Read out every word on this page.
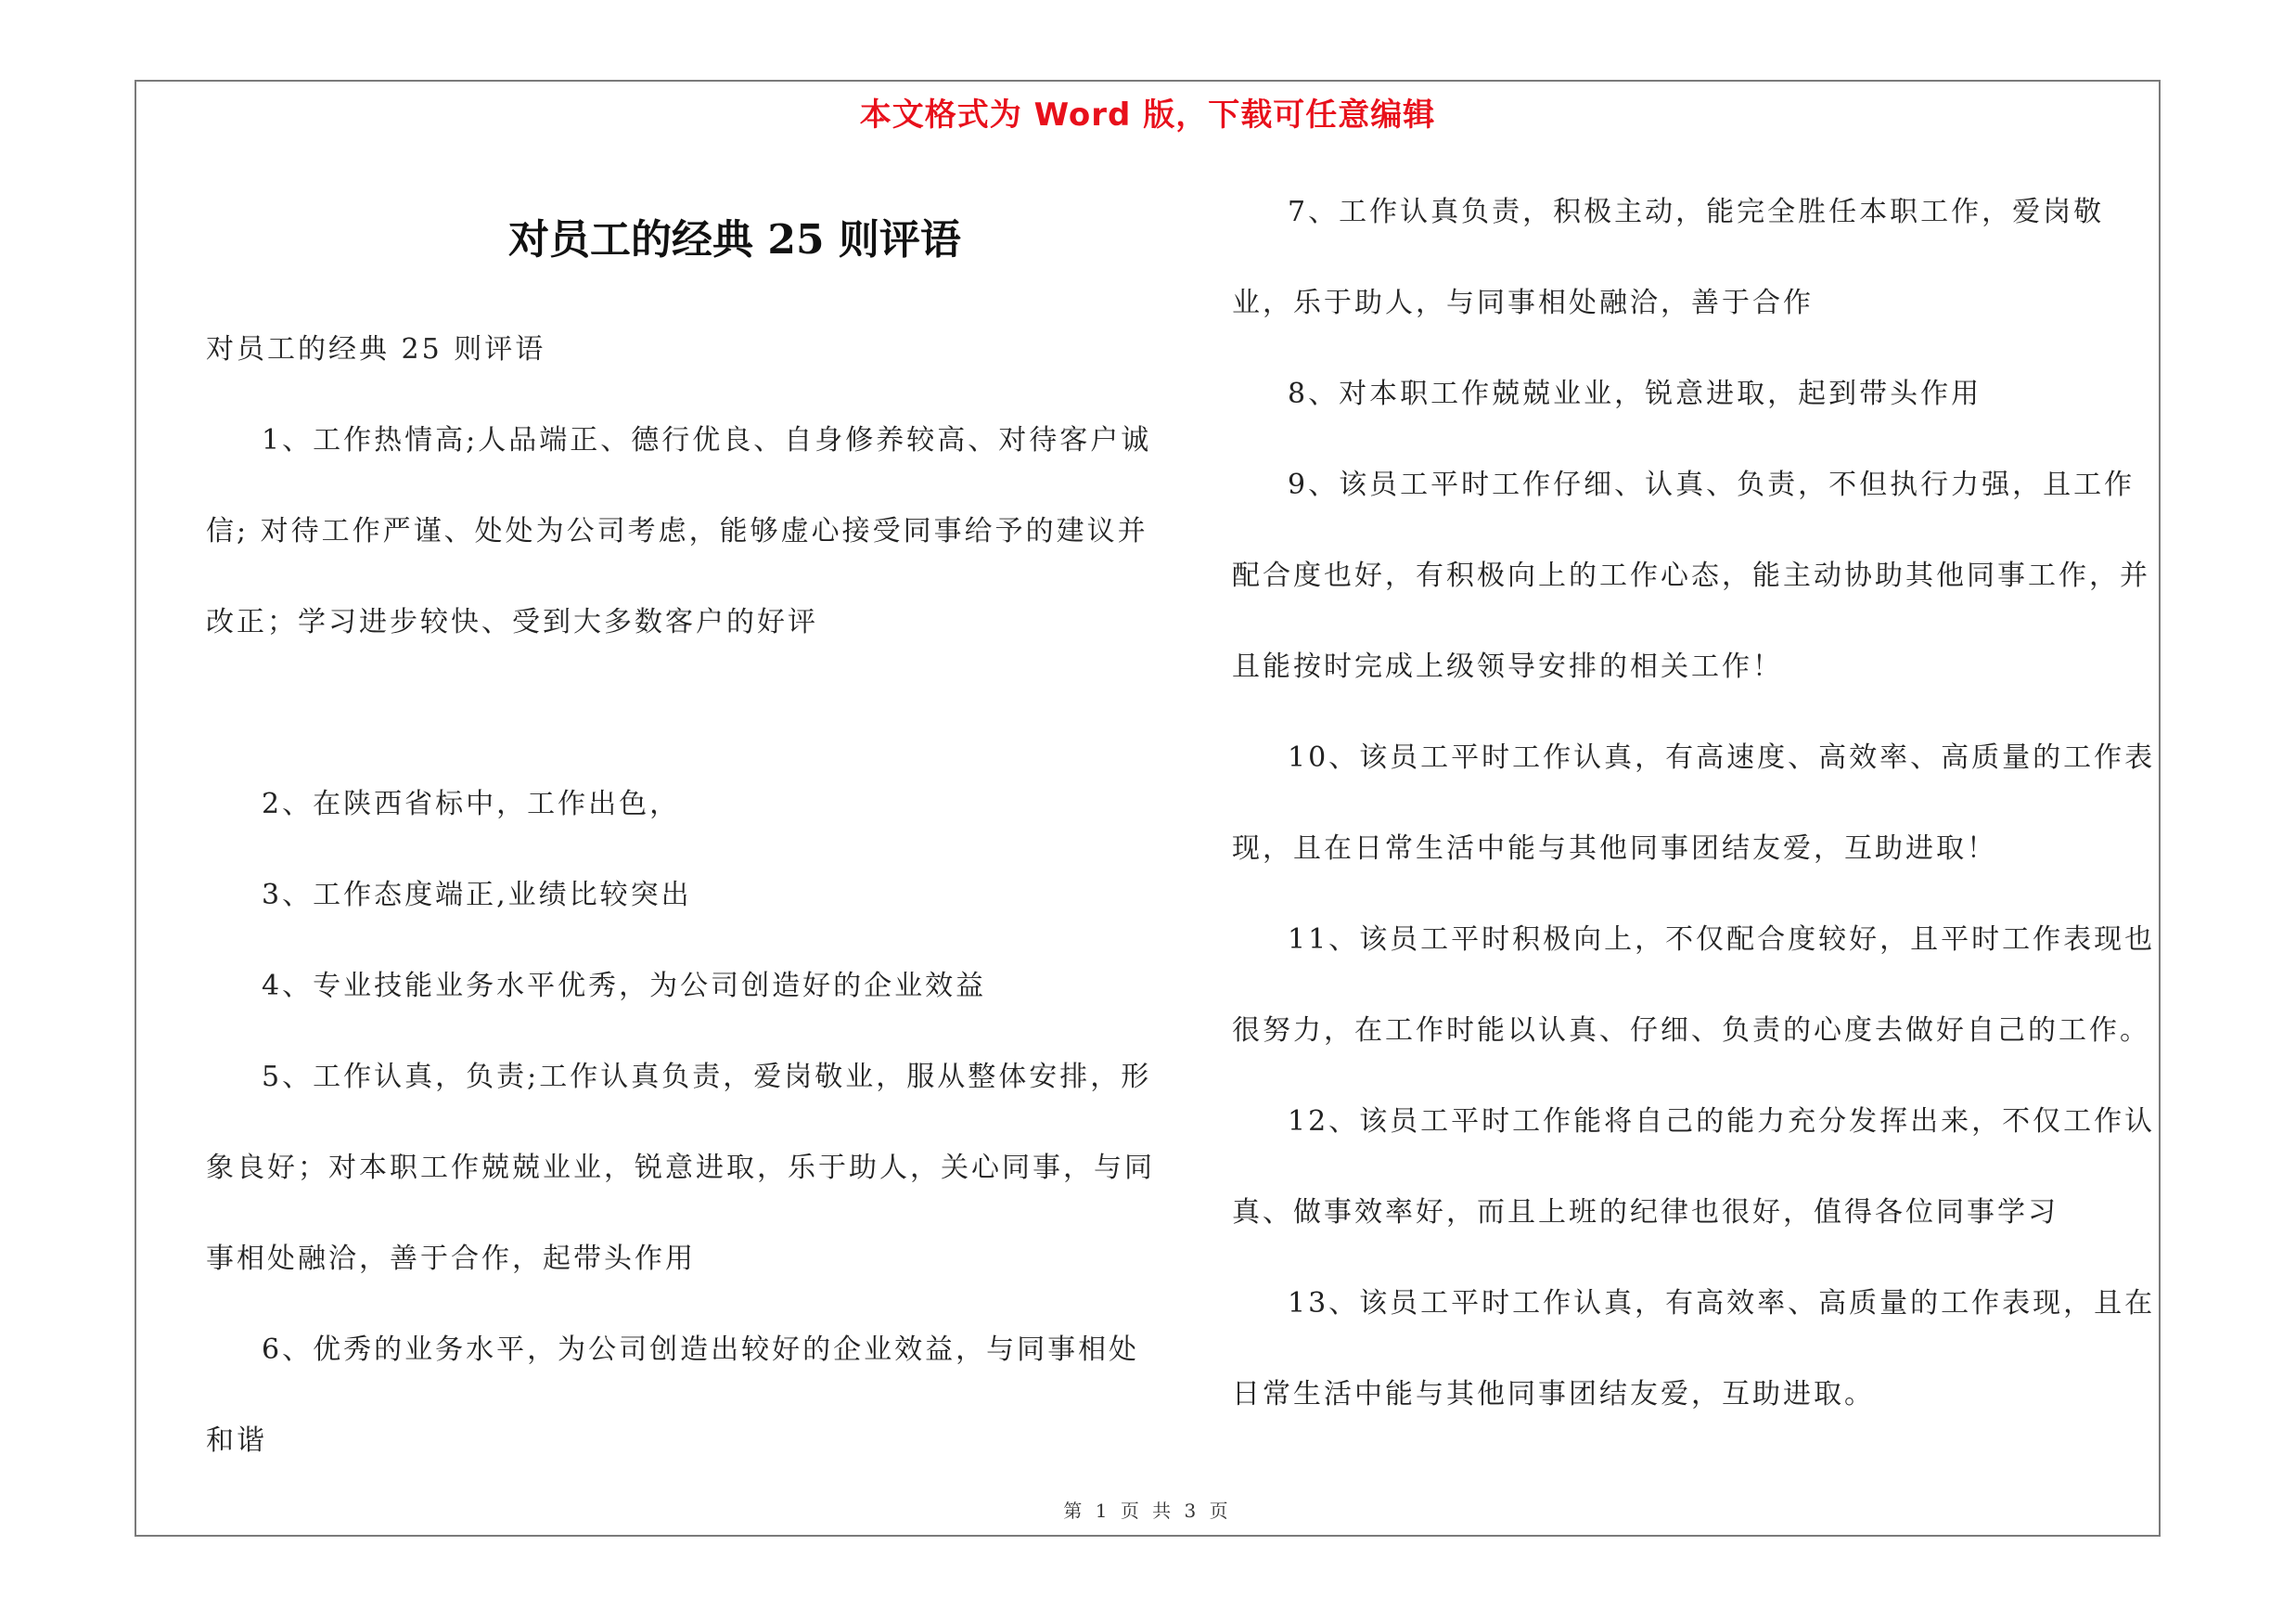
本文格式为 Word 版，下载可任意编辑
对员工的经典 25 则评语

对员工的经典 25 则评语

1、工作热情高;人品端正、德行优良、自身修养较高、对待客户诚信; 对待工作严谨、处处为公司考虑，能够虚心接受同事给予的建议并改正；学习进步较快、受到大多数客户的好评

2、在陕西省标中，工作出色，

3、工作态度端正,业绩比较突出

4、专业技能业务水平优秀，为公司创造好的企业效益

5、工作认真，负责;工作认真负责，爱岗敬业，服从整体安排，形象良好；对本职工作兢兢业业，锐意进取，乐于助人，关心同事，与同事相处融洽，善于合作，起带头作用

6、优秀的业务水平，为公司创造出较好的企业效益，与同事相处和谐

7、工作认真负责，积极主动，能完全胜任本职工作，爱岗敬业，乐于助人，与同事相处融洽，善于合作

8、对本职工作兢兢业业，锐意进取，起到带头作用

9、该员工平时工作仔细、认真、负责，不但执行力强，且工作配合度也好，有积极向上的工作心态，能主动协助其他同事工作，并且能按时完成上级领导安排的相关工作！

10、该员工平时工作认真，有高速度、高效率、高质量的工作表现，且在日常生活中能与其他同事团结友爱，互助进取！

11、该员工平时积极向上，不仅配合度较好，且平时工作表现也很努力，在工作时能以认真、仔细、负责的心度去做好自己的工作。

12、该员工平时工作能将自己的能力充分发挥出来，不仅工作认真、做事效率好，而且上班的纪律也很好，值得各位同事学习

13、该员工平时工作认真，有高效率、高质量的工作表现，且在日常生活中能与其他同事团结友爱，互助进取。

第 1 页 共 3 页
